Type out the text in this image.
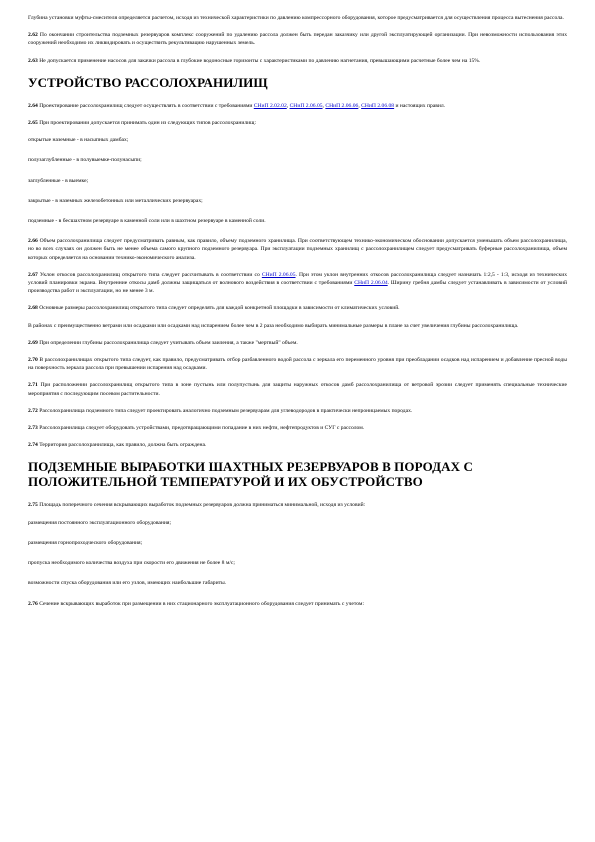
Глубина установки муфты-смесителя определяется расчетом, исходя из технической характеристики по давлению компрессорного оборудования, которое предусматривается для осуществления процесса вытеснения рассола.

2.62 По окончании строительства подземных резервуаров комплекс сооружений по удалению рассола должен быть передан заказчику или другой эксплуатирующей организации. При невозможности использования этих сооружений необходимо их ликвидировать и осуществить рекультивацию нарушенных земель.

2.63 Не допускается применение насосов для закачки рассола в глубокие водоносные горизонты с характеристиками по давлению нагнетания, превышающими расчетные более чем на 15%.

УСТРОЙСТВО РАССОЛОХРАНИЛИЩ

2.64 Проектирование рассолохранилищ следует осуществлять в соответствии с требованиями СНиП 2.02.02, СНиП 2.06.05, СНиП 2.06.06, СНиП 2.06.08 и настоящих правил.

2.65 При проектировании допускается принимать один из следующих типов рассолохранилищ:

открытые наземные - в насыпных дамбах;

полузаглубленные - в полувыемке-полунасыпи;

заглубленные - в выемке;

закрытые - в наземных железобетонных или металлических резервуарах;

подземные - в бесшахтном резервуаре в каменной соли или в шахтном резервуаре в каменной соли.

2.66 Объем рассолохранилища следует предусматривать равным, как правило, объему подземного хранилища. При соответствующем технико-экономическом обосновании допускается уменьшать объем рассолохранилища, но во всех случаях он должен быть не менее объема самого крупного подземного резервуара. При эксплуатации подземных хранилищ с рассолохранилищем следует предусматривать буферные рассолохранилища, объем которых определяется на основании технико-экономического анализа.

2.67 Уклон откосов рассолохранилищ открытого типа следует рассчитывать в соответствии со СНиП 2.06.05. При этом уклон внутренних откосов рассолохранилища следует назначать 1:2,5 - 1:3, исходя из технических условий планировки экрана. Внутренние откосы дамб должны защищаться от волнового воздействия в соответствии с требованиями СНиП 2.06.04. Ширину гребня дамбы следует устанавливать в зависимости от условий производства работ и эксплуатации, но не менее 3 м.

2.68 Основные размеры рассолохранилищ открытого типа следует определять для каждой конкретной площадки в зависимости от климатических условий.

В районах с преимущественно ветрами или осадками или осадками над испарением более чем в 2 раза необходимо выбирать минимальные размеры в плане за счет увеличения глубины рассолохранилища.

2.69 При определении глубины рассолохранилища следует учитывать объем заиления, а также "мертвый" объем.

2.70 В рассолохранилищах открытого типа следует, как правило, предусматривать отбор разбавленного водой рассола с зеркала его переменного уровня при преобладании осадков над испарением и добавление пресной воды на поверхность зеркала рассола при превышении испарения над осадками.

2.71 При расположении рассолохранилищ открытого типа в зоне пустынь или полупустынь для защиты наружных откосов дамб рассолохранилища от ветровой эрозии следует применять специальные технические мероприятия с последующим посевом растительности.

2.72 Рассолохранилища подземного типа следует проектировать аналогично подземным резервуарам для углеводородов в практически непроницаемых породах.

2.73 Рассолохранилища следует оборудовать устройствами, предотвращающими попадание в них нефти, нефтепродуктов и СУГ с рассолом.

2.74 Территория рассолохранилища, как правило, должна быть ограждена.

ПОДЗЕМНЫЕ ВЫРАБОТКИ ШАХТНЫХ РЕЗЕРВУАРОВ В ПОРОДАХ С ПОЛОЖИТЕЛЬНОЙ ТЕМПЕРАТУРОЙ И ИХ ОБУСТРОЙСТВО

2.75 Площадь поперечного сечения вскрывающих выработок подземных резервуаров должна приниматься минимальной, исходя из условий:

размещения постоянного эксплуатационного оборудования;

размещения горнопроходческого оборудования;

пропуска необходимого количества воздуха при скорости его движения не более 8 м/с;

возможности спуска оборудования или его узлов, имеющих наибольшие габариты.

2.76 Сечение вскрывающих выработок при размещении в них стационарного эксплуатационного оборудования следует принимать с учетом:
